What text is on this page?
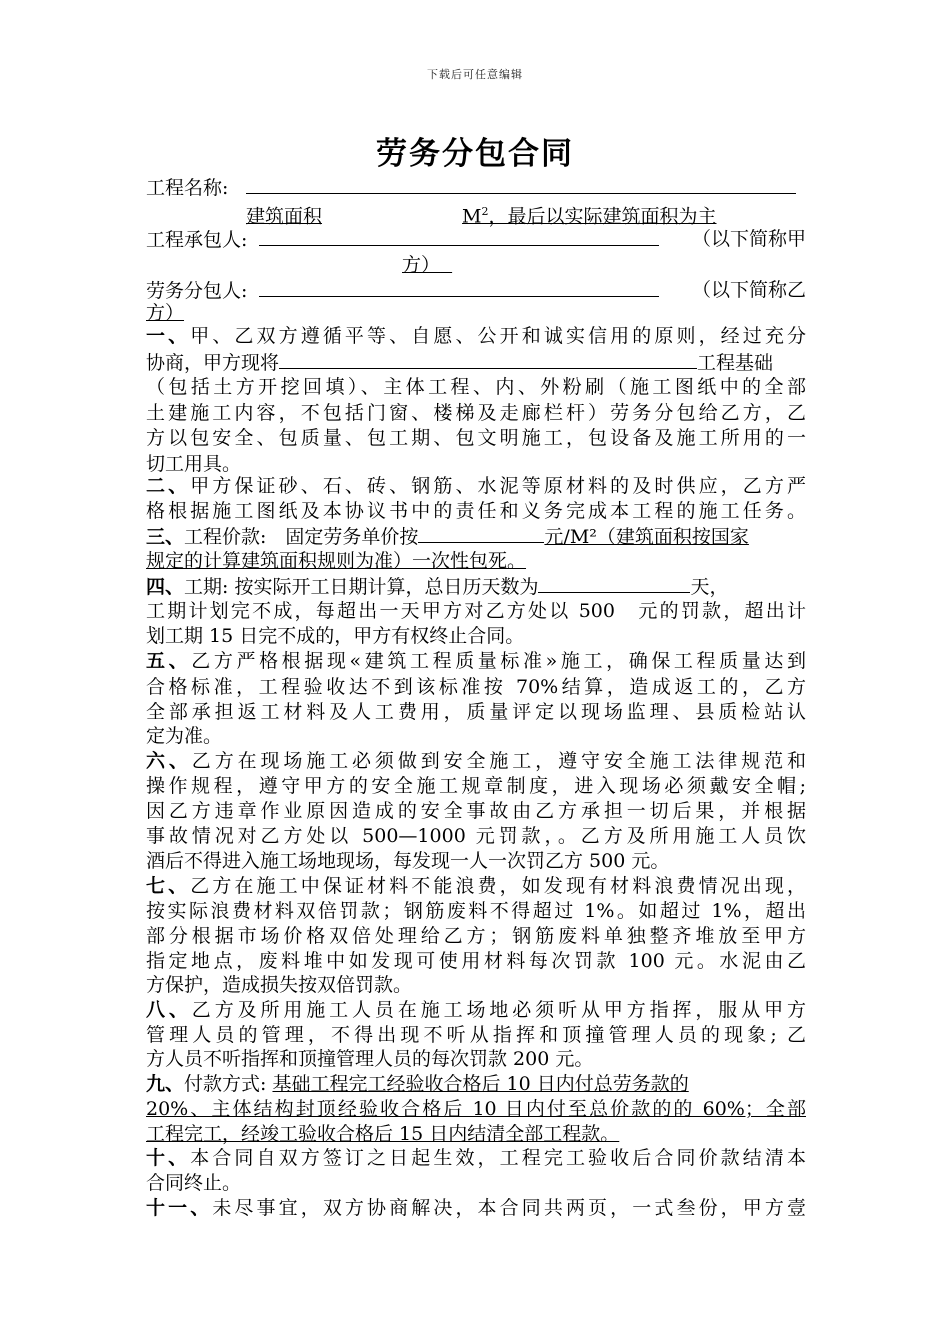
下载后可任意编辑
劳务分包合同
工程名称:
建筑面积	$M^2$，最后以实际建筑面积为主
工程承包人:	（以下简称甲
方）
劳务分包人:	（以下简称乙
方）
一、甲、乙双方遵循平等、自愿、公开和诚实信用的原则，经过充分
协商，甲方现将	工程基础
（包括土方开挖回填）、主体工程、内、外粉刷（施工图纸中的全部
土建施工内容，不包括门窗、楼梯及走廊栏杆）劳务分包给乙方，乙
方以包安全、包质量、包工期、包文明施工，包设备及施工所用的一
切工用具。
二、甲方保证砂、石、砖、钢筋、水泥等原材料的及时供应，乙方严
格根据施工图纸及本协议书中的责任和义务完成本工程的施工任务。
三、工程价款:　固定劳务单价按	元/M²（建筑面积按国家
规定的计算建筑面积规则为准）一次性包死。
四、工期: 按实际开工日期计算，总日历天数为	天，
工期计划完不成，每超出一天甲方对乙方处以 500　元的罚款，超出计
划工期 15 日完不成的，甲方有权终止合同。
五、乙方严格根据现«建筑工程质量标准»施工，确保工程质量达到
合格标准，工程验收达不到该标准按 70%结算，造成返工的，乙方
全部承担返工材料及人工费用，质量评定以现场监理、县质检站认
定为准。
六、乙方在现场施工必须做到安全施工，遵守安全施工法律规范和
操作规程，遵守甲方的安全施工规章制度，进入现场必须戴安全帽;
因乙方违章作业原因造成的安全事故由乙方承担一切后果，并根据
事故情况对乙方处以 500—1000 元罚款，。乙方及所用施工人员饮
酒后不得进入施工场地现场，每发现一人一次罚乙方 500 元。
七、乙方在施工中保证材料不能浪费，如发现有材料浪费情况出现，
按实际浪费材料双倍罚款；钢筋废料不得超过 1%。如超过 1%，超出
部分根据市场价格双倍处理给乙方；钢筋废料单独整齐堆放至甲方
指定地点，废料堆中如发现可使用材料每次罚款 100 元。水泥由乙
方保护，造成损失按双倍罚款。
八、乙方及所用施工人员在施工场地必须听从甲方指挥，服从甲方
管理人员的管理，不得出现不听从指挥和顶撞管理人员的现象; 乙
方人员不听指挥和顶撞管理人员的每次罚款 200 元。
九、付款方式: 基础工程完工经验收合格后 10 日内付总劳务款的
20%、主体结构封顶经验收合格后 10 日内付至总价款的的 60%；全部
工程完工，经竣工验收合格后 15 日内结清全部工程款。
十、本合同自双方签订之日起生效，工程完工验收后合同价款结清本
合同终止。
十一、未尽事宜，双方协商解决，本合同共两页，一式叁份，甲方壹
